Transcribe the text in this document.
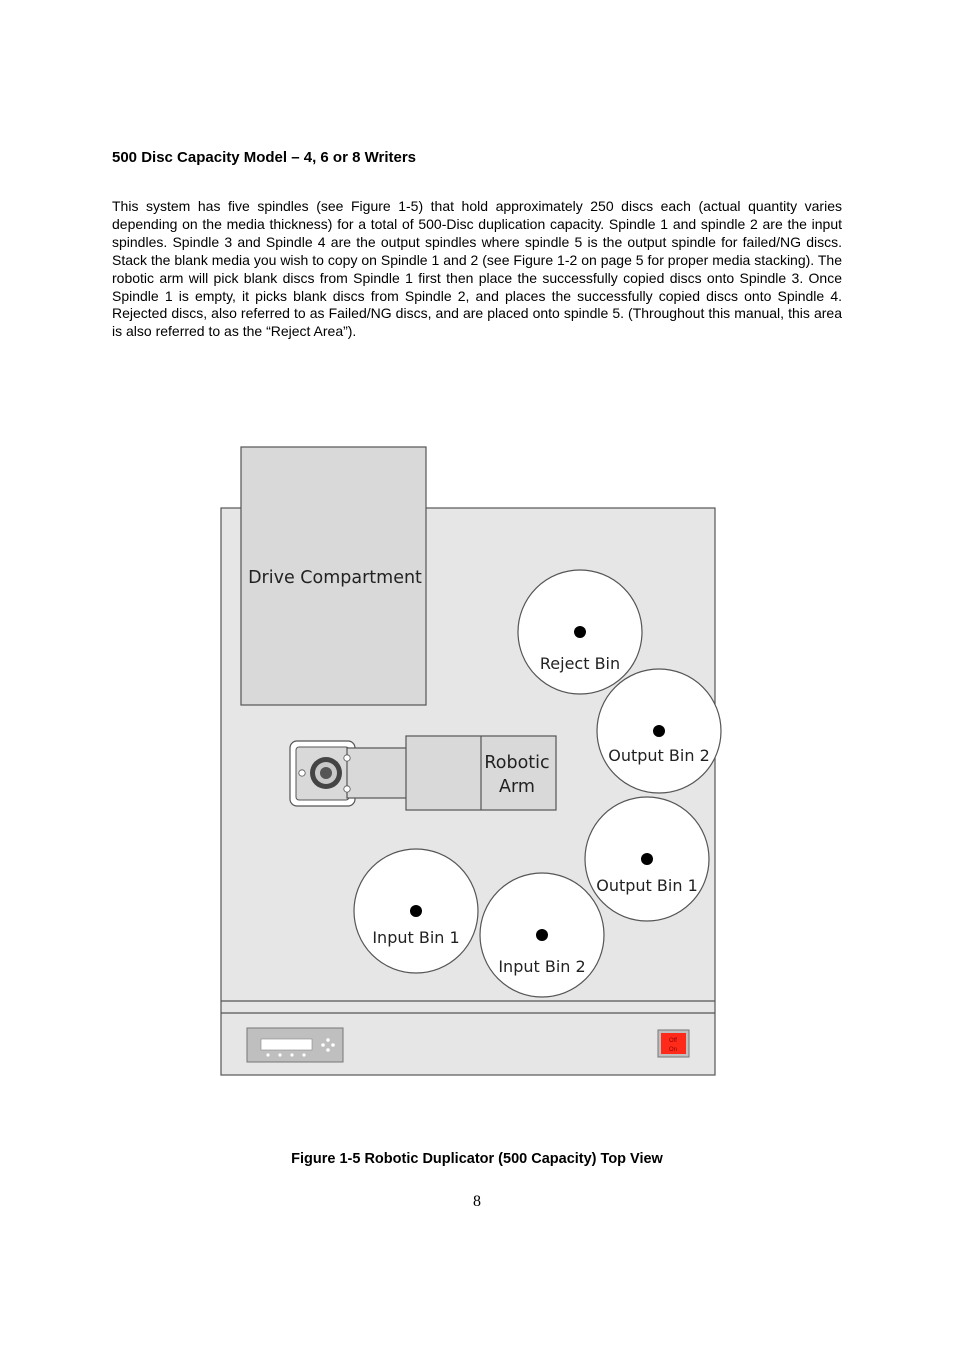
500 Disc Capacity Model – 4, 6 or 8 Writers
This system has five spindles (see Figure 1-5) that hold approximately 250 discs each (actual quantity varies depending on the media thickness) for a total of 500-Disc duplication capacity. Spindle 1 and spindle 2 are the input spindles. Spindle 3 and Spindle 4 are the output spindles where spindle 5 is the output spindle for failed/NG discs. Stack the blank media you wish to copy on Spindle 1 and 2 (see Figure 1-2 on page 5 for proper media stacking). The robotic arm will pick blank discs from Spindle 1 first then place the successfully copied discs onto Spindle 3. Once Spindle 1 is empty, it picks blank discs from Spindle 2, and places the successfully copied discs onto Spindle 4. Rejected discs, also referred to as Failed/NG discs, and are placed onto spindle 5. (Throughout this manual, this area is also referred to as the “Reject Area”).
Drive Compartment
Robotic
Arm
Reject Bin
Output Bin 2
Output Bin 1
Input Bin 1
Input Bin 2
Off
On
Figure 1-5 Robotic Duplicator (500 Capacity) Top View
8
